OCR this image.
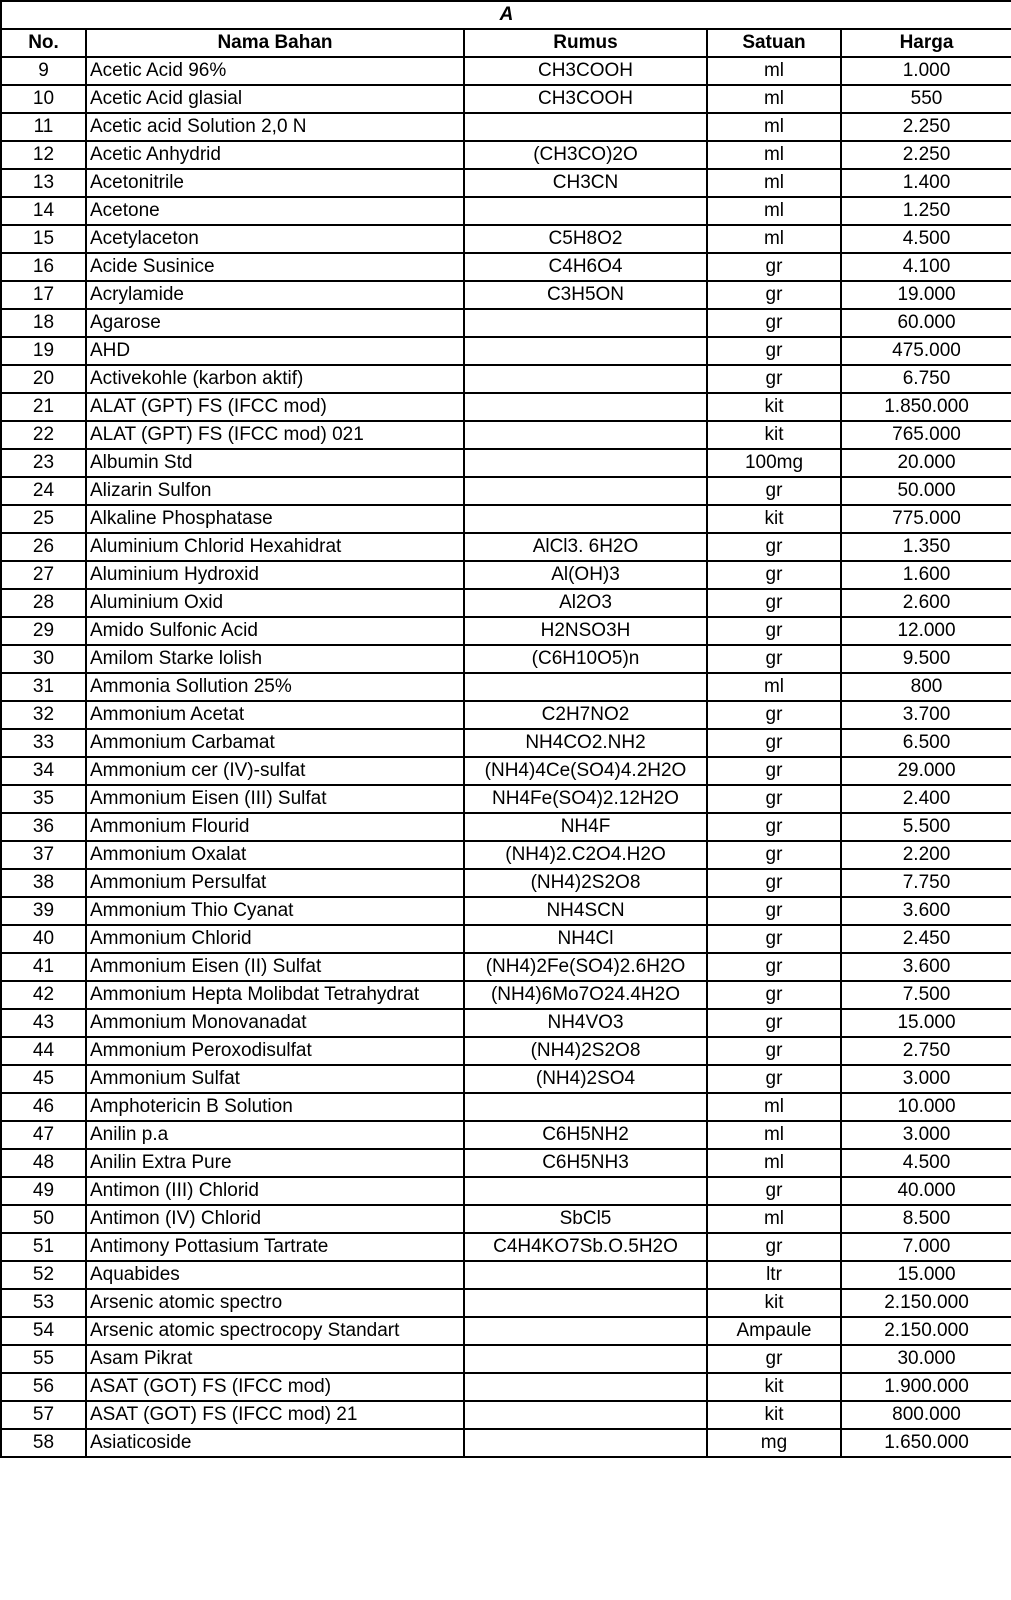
A				
No.	Nama Bahan	Rumus	Satuan	Harga
9	Acetic Acid 96%	CH3COOH	ml	1.000
10	Acetic Acid glasial	CH3COOH	ml	550
11	Acetic acid Solution 2,0 N		ml	2.250
12	Acetic Anhydrid	(CH3CO)2O	ml	2.250
13	Acetonitrile	CH3CN	ml	1.400
14	Acetone		ml	1.250
15	Acetylaceton	C5H8O2	ml	4.500
16	Acide Susinice	C4H6O4	gr	4.100
17	Acrylamide	C3H5ON	gr	19.000
18	Agarose		gr	60.000
19	AHD		gr	475.000
20	Activekohle (karbon aktif)		gr	6.750
21	ALAT (GPT) FS (IFCC mod)		kit	1.850.000
22	ALAT (GPT) FS (IFCC mod) 021		kit	765.000
23	Albumin Std		100mg	20.000
24	Alizarin Sulfon		gr	50.000
25	Alkaline Phosphatase		kit	775.000
26	Aluminium Chlorid Hexahidrat	AlCl3. 6H2O	gr	1.350
27	Aluminium Hydroxid	Al(OH)3	gr	1.600
28	Aluminium Oxid	Al2O3	gr	2.600
29	Amido Sulfonic Acid	H2NSO3H	gr	12.000
30	Amilom Starke lolish	(C6H10O5)n	gr	9.500
31	Ammonia Sollution 25%		ml	800
32	Ammonium Acetat	C2H7NO2	gr	3.700
33	Ammonium Carbamat	NH4CO2.NH2	gr	6.500
34	Ammonium cer (IV)-sulfat	(NH4)4Ce(SO4)4.2H2O	gr	29.000
35	Ammonium Eisen (III) Sulfat	NH4Fe(SO4)2.12H2O	gr	2.400
36	Ammonium Flourid	NH4F	gr	5.500
37	Ammonium Oxalat	(NH4)2.C2O4.H2O	gr	2.200
38	Ammonium Persulfat	(NH4)2S2O8	gr	7.750
39	Ammonium Thio Cyanat	NH4SCN	gr	3.600
40	Ammonium Chlorid	NH4Cl	gr	2.450
41	Ammonium Eisen (II) Sulfat	(NH4)2Fe(SO4)2.6H2O	gr	3.600
42	Ammonium Hepta Molibdat Tetrahydrat	(NH4)6Mo7O24.4H2O	gr	7.500
43	Ammonium Monovanadat	NH4VO3	gr	15.000
44	Ammonium Peroxodisulfat	(NH4)2S2O8	gr	2.750
45	Ammonium Sulfat	(NH4)2SO4	gr	3.000
46	Amphotericin B Solution		ml	10.000
47	Anilin p.a	C6H5NH2	ml	3.000
48	Anilin Extra Pure	C6H5NH3	ml	4.500
49	Antimon (III) Chlorid		gr	40.000
50	Antimon (IV) Chlorid	SbCl5	ml	8.500
51	Antimony Pottasium Tartrate	C4H4KO7Sb.O.5H2O	gr	7.000
52	Aquabides		ltr	15.000
53	Arsenic atomic spectro		kit	2.150.000
54	Arsenic atomic spectrocopy Standart		Ampaule	2.150.000
55	Asam Pikrat		gr	30.000
56	ASAT (GOT) FS (IFCC mod)		kit	1.900.000
57	ASAT (GOT) FS (IFCC mod) 21		kit	800.000
58	Asiaticoside		mg	1.650.000
